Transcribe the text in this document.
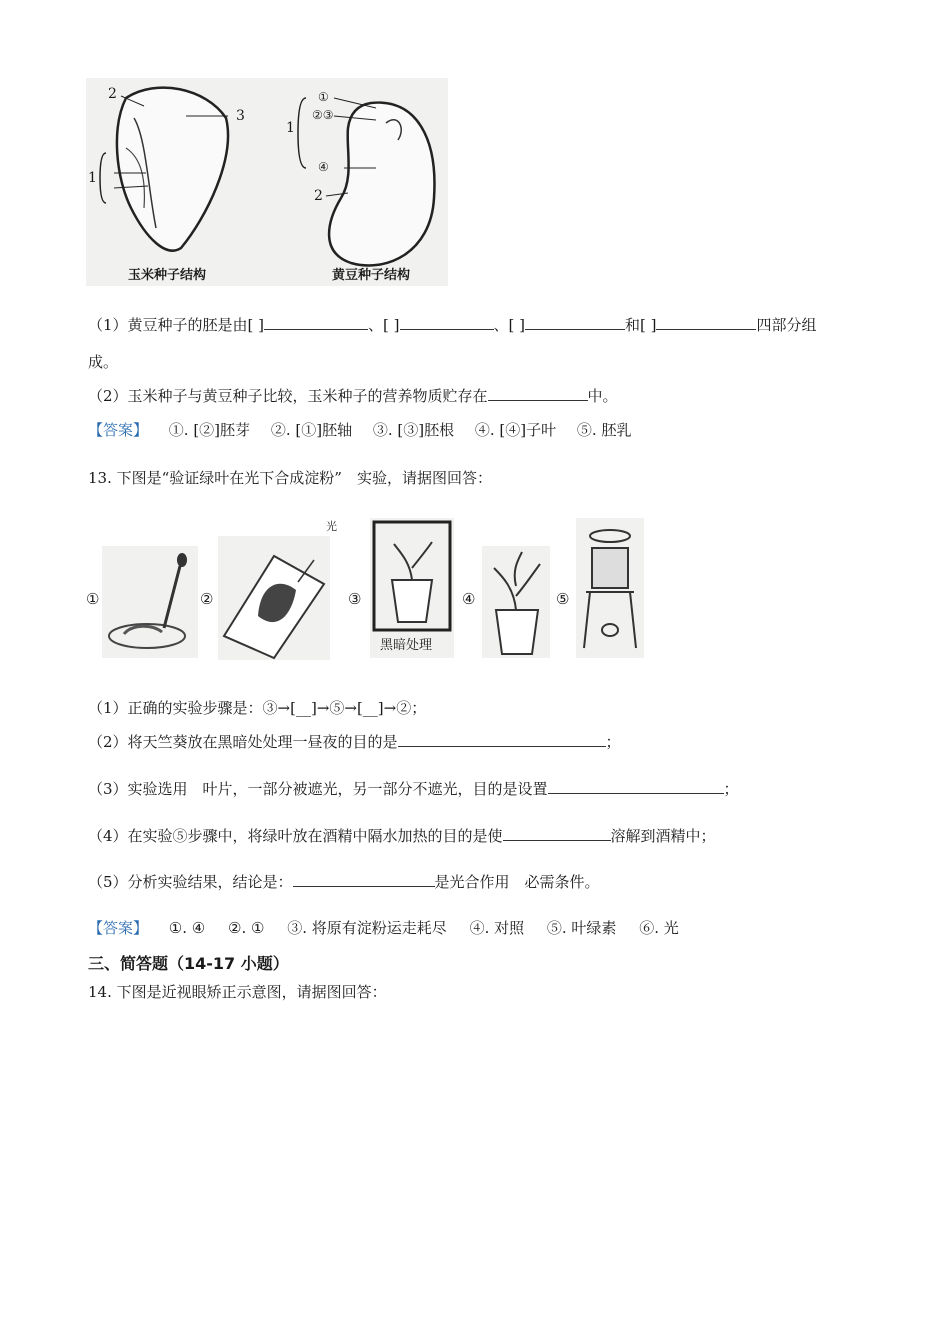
2
3
1
①
②③
④
1
2
玉米种子结构	黄豆种子结构
（1）黄豆种子的胚是由[ ]	、[ ]	、[ ]	和[ ]	四部分组
成。
（2）玉米种子与黄豆种子比较，玉米种子的营养物质贮存在	中。
【答案】 ①. [②]胚芽 ②. [①]胚轴 ③. [③]胚根 ④. [④]子叶 ⑤. 胚乳
13. 下图是“验证绿叶在光下合成淀粉”　实验，请据图回答：
①	②	③
黑暗处理
光
④	⑤
（1）正确的实验步骤是：③→[__]→⑤→[__]→②；
（2）将天竺葵放在黑暗处处理一昼夜的目的是	；
（3）实验选用　叶片，一部分被遮光，另一部分不遮光，目的是设置	；
（4）在实验⑤步骤中，将绿叶放在酒精中隔水加热的目的是使	溶解到酒精中；
（5）分析实验结果，结论是：	是光合作用　必需条件。
【答案】 ①. ④ ②. ① ③. 将原有淀粉运走耗尽 ④. 对照 ⑤. 叶绿素 ⑥. 光
三、简答题（14-17 小题）
14. 下图是近视眼矫正示意图，请据图回答：
